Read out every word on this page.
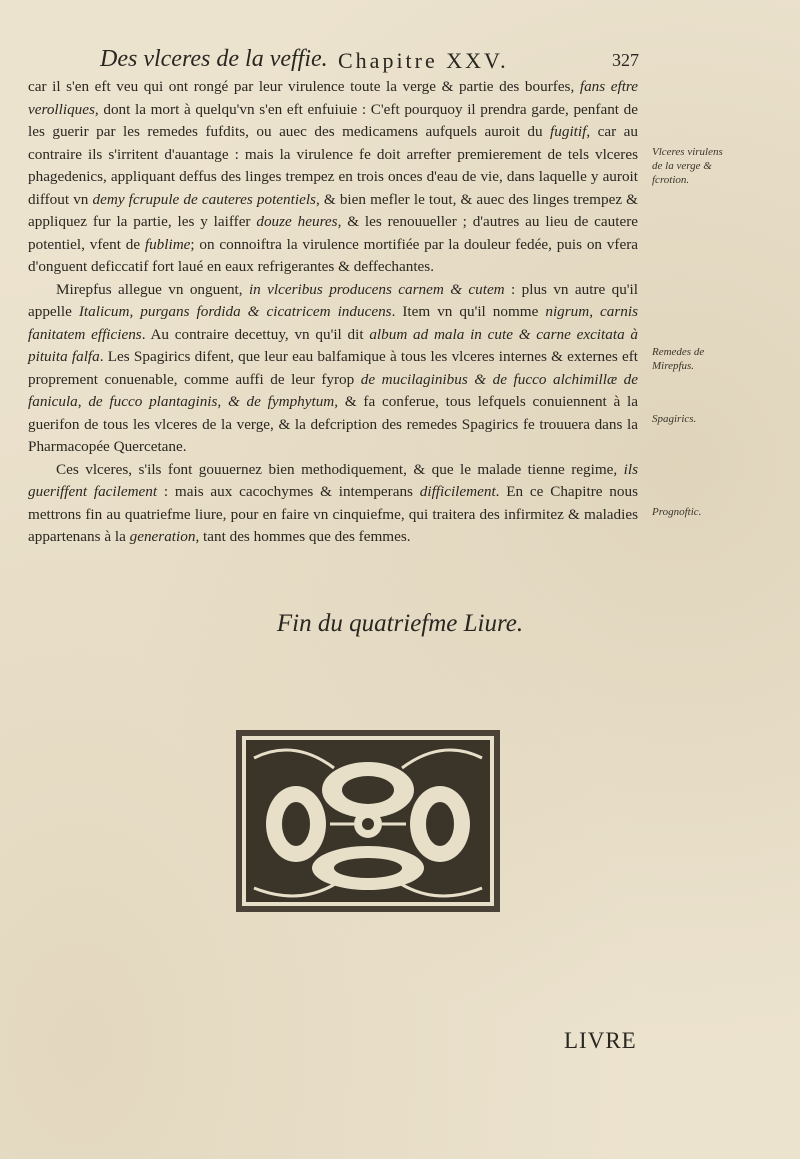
Des vlceres de la veffie. Chapitre XXV.	327

car il s'en eft veu qui ont rongé par leur virulence toute la verge & partie des bourfes, fans eftre verolliques, dont la mort à quelqu'vn s'en eft enfuiuie : C'eft pourquoy il prendra garde, penfant de les guerir par les remedes fufdits, ou auec des medicamens aufquels auroit du fugitif, car au contraire ils s'irritent d'auantage : mais la virulence fe doit arrefter premierement de tels vlceres phagedenics, appliquant deffus des linges trempez en trois onces d'eau de vie, dans laquelle y auroit diffout vn demy fcrupule de cauteres potentiels, & bien mefler le tout, & auec des linges trempez & appliquez fur la partie, les y laiffer douze heures, & les renouueller ; d'autres au lieu de cautere potentiel, vfent de fublime; on connoiftra la virulence mortifiée par la douleur fedée, puis on vfera d'onguent deficcatif fort laué en eaux refrigerantes & deffechantes.

Mirepfus allegue vn onguent, in vlceribus producens carnem & cutem : plus vn autre qu'il appelle Italicum, purgans fordida & cicatricem inducens. Item vn qu'il nomme nigrum, carnis fanitatem efficiens. Au contraire decettuy, vn qu'il dit album ad mala in cute & carne excitata à pituita falfa. Les Spagirics difent, que leur eau balfamique à tous les vlceres internes & externes eft proprement conuenable, comme auffi de leur fyrop de mucilaginibus & de fucco alchimillæ de fanicula, de fucco plantaginis, & de fymphytum, & fa conferue, tous lefquels conuiennent à la guerifon de tous les vlceres de la verge, & la defcription des remedes Spagirics fe trouuera dans la Pharmacopée Quercetane.

Ces vlceres, s'ils font gouuernez bien methodiquement, & que le malade tienne regime, ils gueriffent facilement : mais aux cacochymes & intemperans difficilement. En ce Chapitre nous mettrons fin au quatriefme liure, pour en faire vn cinquiefme, qui traitera des infirmitez & maladies appartenans à la generation, tant des hommes que des femmes.

Vlceres virulens de la verge & fcrotion.
Remedes de Mirepfus.
Spagirics.
Prognoftic.
Fin du quatriefme Liure.
LIVRE
